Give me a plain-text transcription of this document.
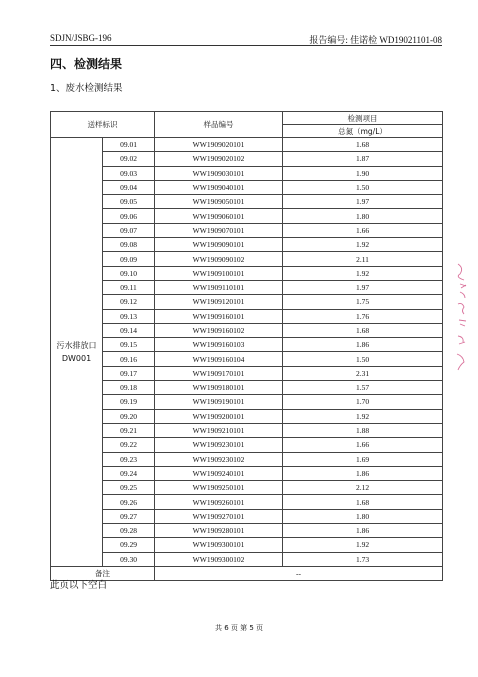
SDJN/JSBG-196	报告编号: 佳诺检 WD19021101-08
四、检测结果
1、废水检测结果
送样标识		样品编号	检测项目
			总氮（mg/L）

污水排放口
DW001	09.01	WW1909020101	1.68
	09.02	WW1909020102	1.87
	09.03	WW1909030101	1.90
	09.04	WW1909040101	1.50
	09.05	WW1909050101	1.97
	09.06	WW1909060101	1.80
	09.07	WW1909070101	1.66
	09.08	WW1909090101	1.92
	09.09	WW1909090102	2.11
	09.10	WW1909100101	1.92
	09.11	WW1909110101	1.97
	09.12	WW1909120101	1.75
	09.13	WW1909160101	1.76
	09.14	WW1909160102	1.68
	09.15	WW1909160103	1.86
	09.16	WW1909160104	1.50
	09.17	WW1909170101	2.31
	09.18	WW1909180101	1.57
	09.19	WW1909190101	1.70
	09.20	WW1909200101	1.92
	09.21	WW1909210101	1.88
	09.22	WW1909230101	1.66
	09.23	WW1909230102	1.69
	09.24	WW1909240101	1.86
	09.25	WW1909250101	2.12
	09.26	WW1909260101	1.68
	09.27	WW1909270101	1.80
	09.28	WW1909280101	1.86
	09.29	WW1909300101	1.92
	09.30	WW1909300102	1.73
备注		--	
此页以下空白
共 6 页 第 5 页
